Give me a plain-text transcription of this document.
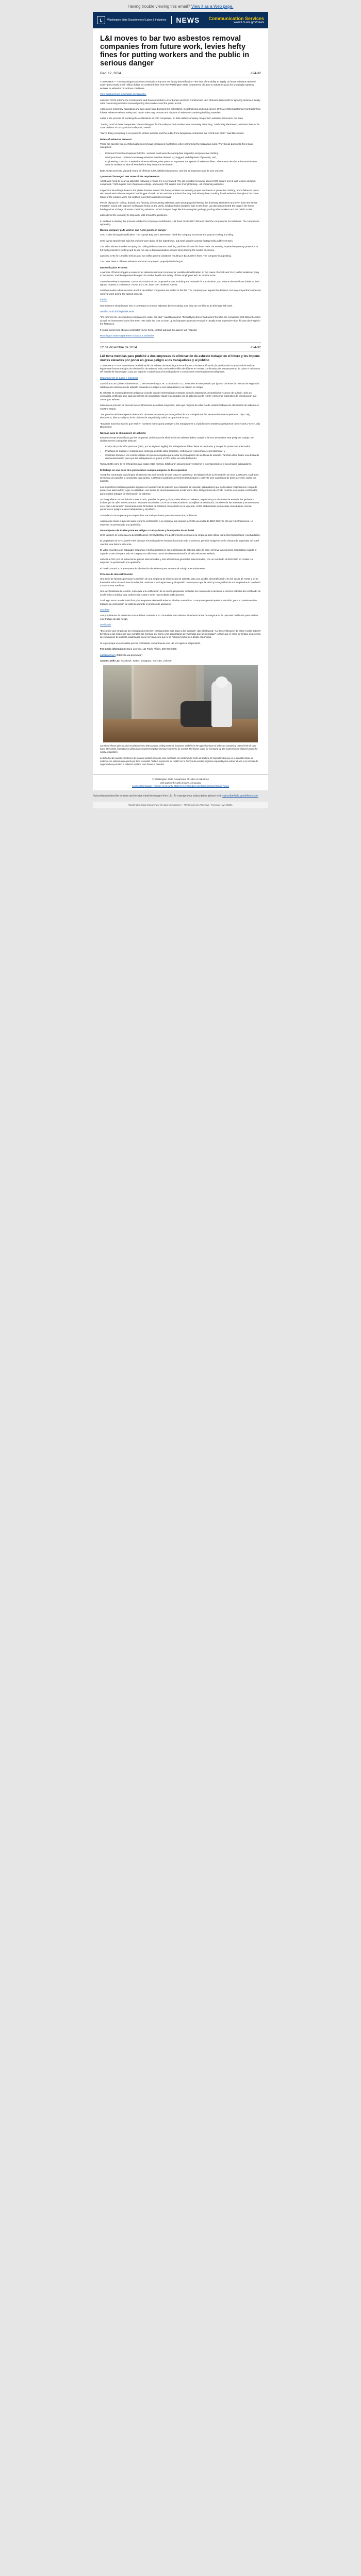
Having trouble viewing this email? View it as a Web page.
L	Washington State Department of Labor & Industries	NEWS Communication Services
www.Lni.wa.gov/news
L&I moves to bar two asbestos removal companies from future work, levies hefty fines for putting workers and the public in serious danger
Dec. 12, 2024	#24-32

TUMWATER — Two Washington asbestos removal contractors are facing decertification—the loss of the ability to legally do future asbestos removal work—plus nearly a half million dollars in combined fines from the Washington State Department of Labor & Industries (L&I) for knowingly exposing workers to asbestos hazardous conditions.

View adult persons information (in Spanish).

L&I cited ACKE (Alex's Ace Construction and Environmental) LLC of Burien and CHC Construction LLC of Burien last month for ignoring dozens of safety rules concerning asbestos removal putting their workers and the public at risk.

Asbestos is extremely hazardous and can cause fatal diseases like asbestosis, mesothelioma and lung cancer. Only a certified abatement contractor that follows asbestos-related safety and health rules may remove and dispose of asbestos-containing building materials.

L&I is in the process of revoking the certifications of both companies, so that neither company can perform asbestos removal in our state.

"Seeing proof of these companies' blatant disregard for the safety of their workers was extremely disturbing," said Craig Blackwood, assistant director for L&I's Division of Occupational Safety and Health.

"We're doing everything in our power to protect workers and the public from dangerous contractors like ACKE and CHC," said Blackwood.

Rules of asbestos removal

There are specific rules certified asbestos removal companies must follow when performing the hazardous work. They break down into three basic categories:

• Personal Protective Equipment (PPE) - workers must wear the appropriate respirator and protective clothing.
• Work practices - material containing asbestos must be cleaned up, bagged, and disposed of properly; and,
• Engineering controls - A sealed enclosure with negative pressure to prevent the spread of asbestos fibers. There must also be a decontamination area for workers to take off PPE before they leave the enclosure.

Both ACKE and CHC violated nearly all of those rules, falsified documents, and lied to inspectors and its own workers.

Lynnwood home job met none of the requirements

ACKE was hired to clear up asbestos following a house fire in Lynnwood. The job included removing about 2,000 square feet of wall texture and joint compound, 7,500 square feet of popcorn ceilings, and nearly 700 square feet of vinyl flooring—all containing asbestos.

Inspectors found large holes in the plastic barriers around the home; workers not wearing proper respirators or protective clothing; and a failure to use a decontamination shower required in this type of work. ACKE workers admitted that they had already been tracking found asbestos throughout the home. Many of the workers were not certified to perform asbestos removal.

Pieces of popcorn ceiling, drywall, and flooring, all containing asbestos, were photographed littering the driveway. Residents and even down the street. Insulation mixed with popcorn ceiling was found on the vents, window tracks and piled high on the floor. L&I also documented the bags in the home holding about 40 bags of waste containing asbestos. ACKE dumped bags like this as regular garbage, putting other workers and the public at risk.

L&I ordered the company to stop work until it fixed the problems.

In addition to starting the process to take the company's certification, L&I fined ACKE $267,300 and cited the company for 18 violations. The company is appealing.

Burien company puts worker and hotel guests in danger

CHC is also facing decertification. The Crystal Bay Inn in Bremerton hired the company to remove the popcorn ceiling and tiling.

CHC owner, Dariel Herl, said his workers were doing all the right things, but hotel security camera footage tells a different story.

The video shows a worker scraping the ceiling while asbestos-containing particles fall over his face. He is not wearing required respiratory protection or full body protective clothing and he did not use a decontamination shower when leaving the sealed enclosure.

L&I cited CHC for 14 willful serious and two willful general violations resulting in $213,000 in fines. The company is appealing.

The outer hired a different asbestos removal company to properly finish the job.

Decertification Process

A number of factors trigger a review of an asbestos removal company for possible decertification. In the cases of ACKE and CHC, willful violations, lying to inspectors, and the repeated disregard for worker health and safety of their employees led L&I to take action.

Once the review is complete, L&I sends a notice of the proposed action, including the rationale for the decision, and informs the certificate holder of their right to request a conference. ACKE and CHC have both received notices.

L&I then makes a final decision and the decertified companies are added to this list. The company can appeal the decision, but may not perform asbestos removal work during the appeal process.

this list

Homeowners should never hire a contractor to remove asbestos before making sure they are certified to do this high-risk work.

certified to do this high-risk work

"It's common for unscrupulous companies to under bid jobs," said Blackwood. "Decertifying these 'bad actors' benefits the companies that follow the rules as well as homeowners who hire them." He adds the cost to clean up an improper asbestos removal is usually more expensive than if it was done right in the first place.

If you're concerned about a contractor you've hired, contact L&I and the agency will respond.

Washington State Department of Labor & Industries

12 de diciembre de 2024	#24-32
L&I toma medidas para prohibir a dos empresas de eliminación de asbesto trabajar en el futuro y les impone multas elevadas por poner en grave peligro a los trabajadores y al público

TUMWATER — Dos contratistas de eliminación de asbesto de Washington se enfrentan a la descertificación (la pérdida de la capacidad de realizar legalmente futuros trabajos de eliminación de asbesto) más casi medio millón de dólares en multas combinadas del Departamento de Labor e Industrias del estado de Washington (L&I) por exponer a sabiendas a los trabajadores a condiciones extremadamente peligrosas.

Departamento de Labor e Industrias

L&I citó a ACKE (Alex's Abatement LLC de Kennewick) y CHC Construction LLC de Burien el mes pasado por ignorar docenas de normas de seguridad relativas a la eliminación de asbesto poniendo en peligro a sus trabajadores y al público en riesgo.

El asbesto es extremadamente peligroso y puede causar enfermedades mortales como la asbestosis, mesotelioma y cáncer de pulmón. Solo un contratista certificado que siga las normas de seguridad y salud relacionadas con el asbesto puede retirar y desechar materiales de construcción que contengan asbesto.

L&I está en proceso de revocar las certificaciones de ambas empresas, para que ninguna de ellas pueda realizar trabajos de eliminación de asbesto en nuestro estado.

"Ver pruebas del menosprecio descarado de estas empresas por la seguridad de sus trabajadores fue extremadamente inquietante", dijo Craig Blackwood, director adjunto de la División de Seguridad y Salud Ocupacional de L&I.

"Estamos haciendo todo lo que está en nuestras manos para proteger a los trabajadores y al público de contratistas peligrosos como ACKE y CHC", dijo Blackwood.

Normas para la eliminación de asbesto

Existen normas específicas que las empresas certificadas de eliminación de asbesto deben cumplir a la hora de realizar este peligroso trabajo. Se dividen en tres categorías básicas:

• Equipo de protección personal (PPE, por su sigla en inglés): los trabajadores deben llevar el respirador y la ropa de protección adecuados.
• Prácticas de trabajo: el material que contenga asbesto debe limpiarse, embolsarse y desecharse correctamente; y
• Controles técnicos: Un recinto sellado con presión negativa para evitar la propagación de las fibras de asbesto. También debe haber una ducha de descontaminación para que los trabajadores se quiten el PPE antes de salir del recinto.

Tanto ACKE como CHC infringieron casi todas estas normas, falsificaron documentos y mintieron a los inspectores y a sus propios trabajadores.

El trabajo en una casa de Lynnwood no cumplía ninguno de los requisitos

ACKE fue contratada para limpiar el asbesto tras un incendio de una casa en Lynnwood. El trabajo incluía la eliminación de unos 2,000 pies cuadrados de textura de paredes y compuesto para juntas, 7,500 pies cuadrados de techos texturizados y casi 700 pies cuadrados de pisos de vinilo, todos con asbesto.

Los inspectores hallaron grandes agujeros en las barreras de plástico que rodeaban la vivienda; trabajadores que no llevaban respiradores ni ropa de protección adecuados; y que no utilizaban una ducha de descontaminación al salir de la obra. Del personal de ACKE, muchos no estaban certificados para realizar trabajos de eliminación de asbesto.

Se fotografiaron trozos del techo texturizado, paneles de yeso y pisos, todos ellos con asbesto, esparcidos por el camino de entrada, los jardines e incluso por la calle. Se encontraron aislantes mezclados con el techo texturizado en las rejillas de ventilación, los rieles de las ventanas y amontonados en el piso. L&I también documentó unas 40 bolsas de residuos con asbesto en la vivienda. ACKE tiraba bolsas como estas como basura normal, poniendo en peligro a otros trabajadores y al público.

L&I ordenó a la empresa que suspendiera sus trabajos hasta que solucionara los problemas.

Además de iniciar el proceso para retirar la certificación a la empresa, L&I impuso a ACKE una multa de $267,300 y le citó por 18 infracciones. La empresa ha presentado una apelación.

Una empresa de Burien pone en peligro a trabajadores y huéspedes de un hotel

CHC también se enfrenta a la descertificación. El Crystal Bay Inn de Bremerton contrató a la empresa para retirar los techos texturizados y las baldosas.

El propietario de CHC, Dariel Herl, dijo que sus trabajadores estaban haciendo todo lo correcto, pero las imágenes de la cámara de seguridad del hotel cuentan una historia diferente.

El video muestra a un trabajador raspando el techo mientras le caen partículas de asbesto sobre la cara. No lleva la protección respiratoria exigida ni ropa de protección para todo el cuerpo y no utilizó una ducha de descontaminación al salir del recinto sellado.

L&I citó a CHC por 14 infracciones graves intencionadas y dos infracciones generales intencionadas, con un resultado de $213,000 en multas. La empresa ha presentado una apelación.

El hotel contrató a otra empresa de eliminación de asbesto para terminar el trabajo adecuadamente.

Proceso de descertificación

Una serie de factores provocan la revisión de una empresa de eliminación de asbesto para una posible descertificación. En los casos de ACKE y CHC, fueron las infracciones intencionadas, las mentiras a los inspectores y el repetido menosprecio por la salud y la seguridad de sus empleados lo que llevó a L&I a tomar medidas.

Una vez finalizada la revisión, L&I envía una notificación de la acción propuesta, incluidos los motivos de la decisión, e informa al titular del certificado de su derecho a solicitar una conferencia. ACKE y CHC han recibido notificaciones.

L&I luego toma una decisión final y las empresas descertificadas se añaden a esta lista. La empresa puede apelar la decisión, pero no puede realizar trabajos de eliminación de asbesto durante el proceso de apelación.

esta lista

Los propietarios de viviendas nunca deben contratar a un contratista para eliminar el asbesto antes de asegurarse de que esté certificado para realizar este trabajo de alto riesgo.

certificado

"Es común que empresas sin escrúpulos presenten presupuestos más bajos a los trabajos", dijo Blackwood. "La descertificación de estos 'malos actores' beneficia a las empresas que cumplen las normas, así como a los propietarios de viviendas que las contratan". Añade que el costo de limpiar un proceso de eliminación de asbesto inadecuado suele ser más caro que si se hubiera hecho bien desde el principio.

Si le preocupa un contratista que ha contratado, comuníquese con L&I y la agencia responderá.

For media information: Dana Lonning, L&I Public Affairs, 360-972-8669.

L&I Newsroom (https://lni.wa.gov/news/)

Connect with L&I: Facebook, Twitter, Instagram, YouTube, LinkedIn

L&I photo shows piles of pink insulation mixed with popcorn ceiling material, inspector said this is the typical amount of asbestos containing material left all over town. The whole inspection is without any required negative pressure barrier to air extract. The blown cover for sweeping up the material is not allowed under the safety regulations.

La foto de L&I muestra montones de material aislante de color rosa mezclado con material del techo de textura. El inspector dijo que es la cantidad típica de material con asbesto que queda por toda la ciudad. Toda la inspección se realizó sin la barrera de presión negativa requerida para extraer el aire. Las normas de seguridad no permiten la cubierta soplada para barrer el material.

© Washington State Department of Labor & Industries
Visit L&I on the web at www.Lni.wa.gov
Access Homepage | Privacy & Security Statement | Intended Use/Editorial Use/Online Policy
Subscribe/unsubscribe to news and receive email messages from L&I. To manage your subscription, please visit: subscriberhelp.govdelivery.com
Washington State Department of Labor & Industries · 7273 Linderson Way SW · Tumwater WA 98501
